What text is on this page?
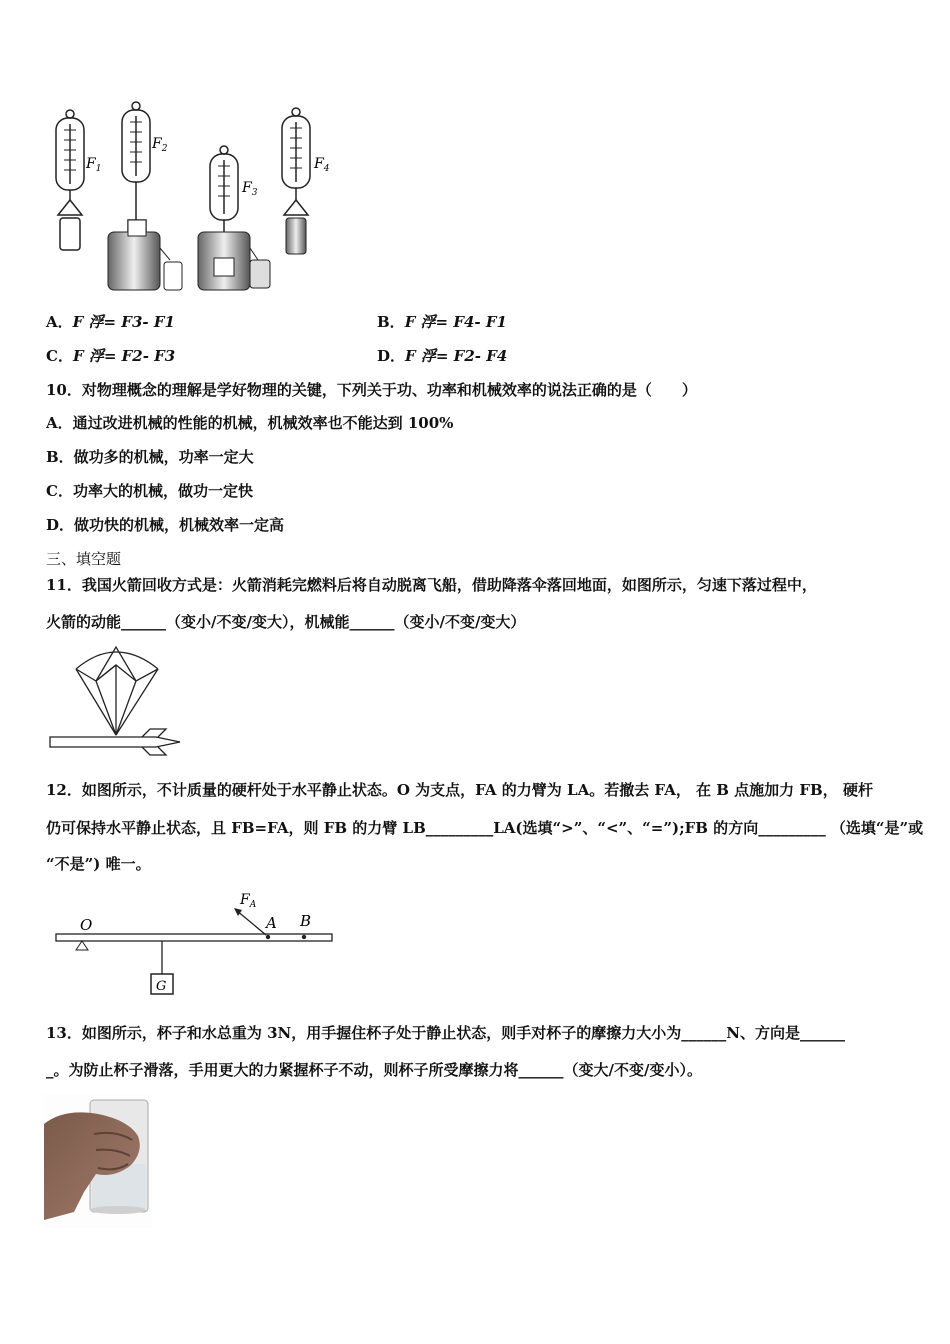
$F_1$
$F_2$
$F_3$
$F_4$
A．F 浮= F3- F1	B．F 浮= F4- F1
C．F 浮= F2- F3	D．F 浮= F2- F4
10．对物理概念的理解是学好物理的关键，下列关于功、功率和机械效率的说法正确的是（　　）
A．通过改进机械的性能的机械，机械效率也不能达到 100%
B．做功多的机械，功率一定大
C．功率大的机械，做功一定快
D．做功快的机械，机械效率一定高
三、填空题
11．我国火箭回收方式是：火箭消耗完燃料后将自动脱离飞船，借助降落伞落回地面，如图所示，匀速下落过程中，
火箭的动能______（变小/不变/变大），机械能______（变小/不变/变大）
12．如图所示，不计质量的硬杆处于水平静止状态。O 为支点，FA 的力臂为 LA。若撤去 FA， 在 B 点施加力 FB， 硬杆
仍可保持水平静止状态，且 FB=FA，则 FB 的力臂 LB_________LA(选填“>”、“<”、“=”);FB 的方向_________ （选填“是”或
“不是”) 唯一。
O
G
$F_A$
A B
13．如图所示，杯子和水总重为 3N，用手握住杯子处于静止状态，则手对杯子的摩擦力大小为______N、方向是______
_。为防止杯子滑落，手用更大的力紧握杯子不动，则杯子所受摩擦力将______（变大/不变/变小）。
